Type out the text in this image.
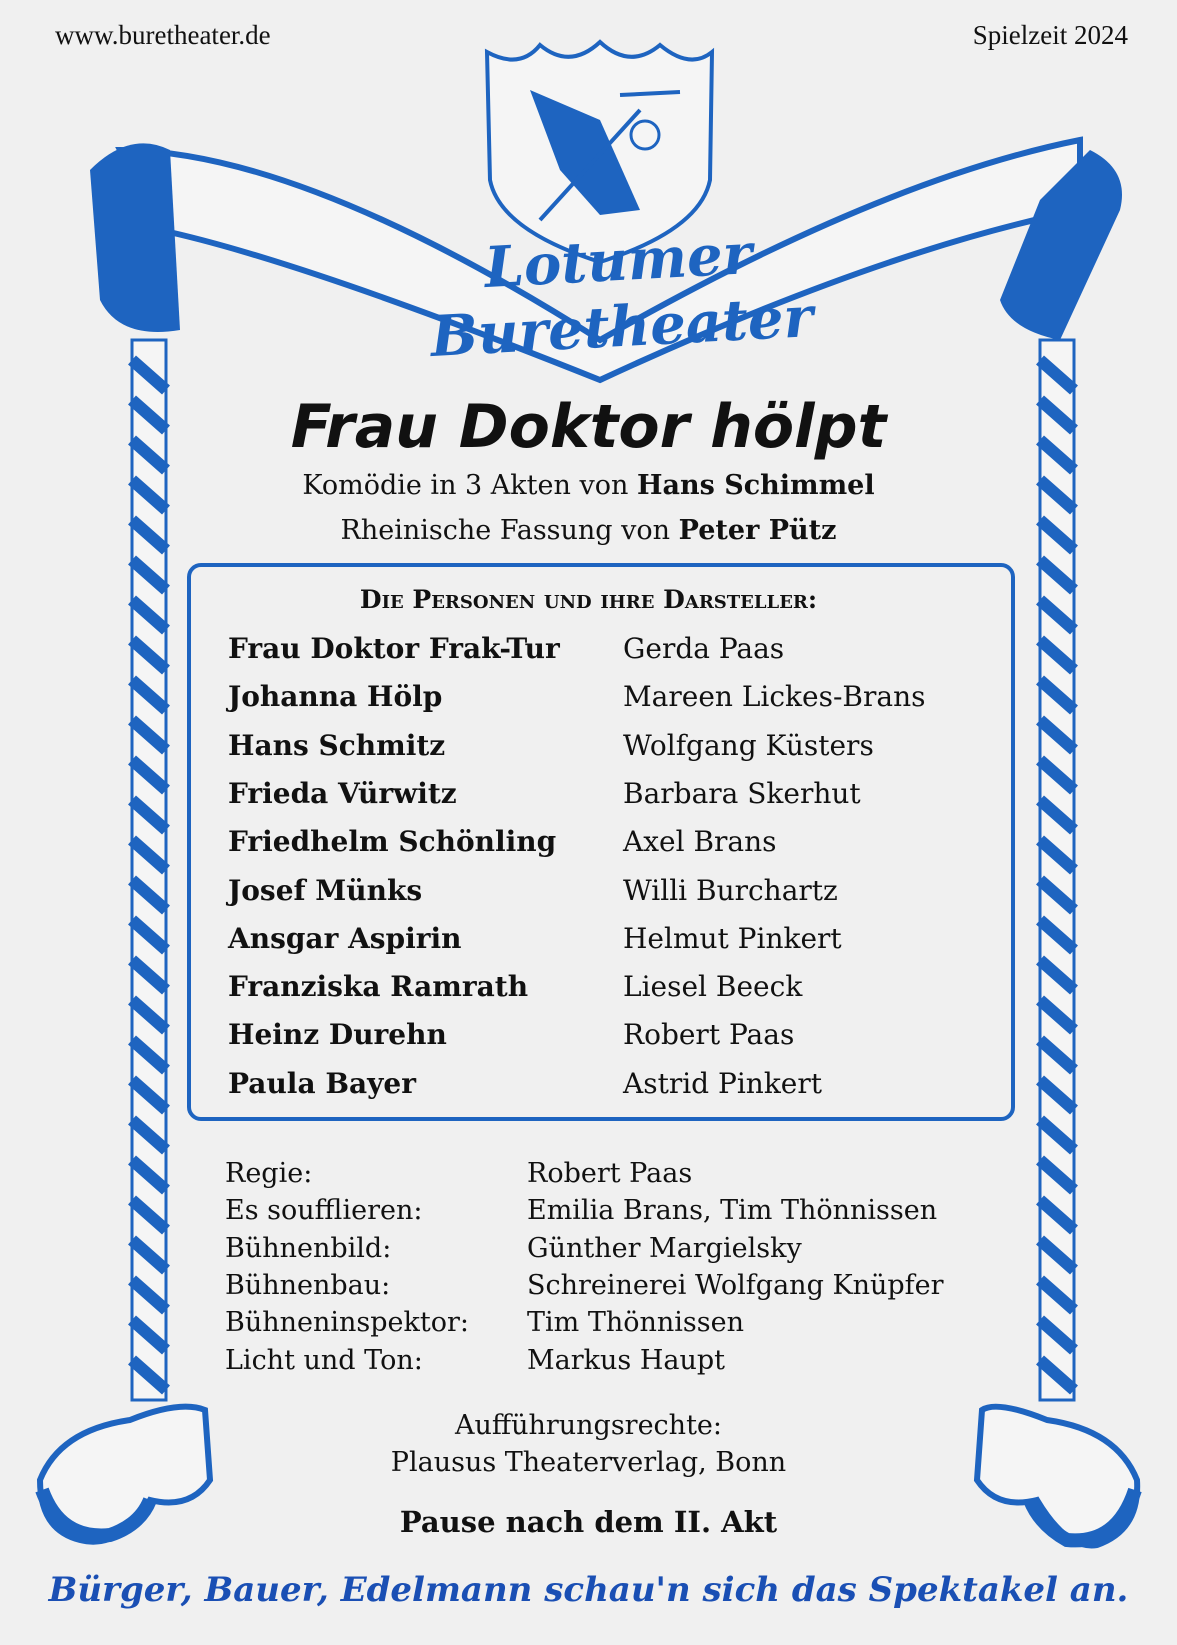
www.buretheater.de	Spielzeit 2024
Lotumer Buretheater
Frau Doktor hölpt
Komödie in 3 Akten von Hans Schimmel
Rheinische Fassung von Peter Pütz
Die Personen und ihre Darsteller:
Frau Doktor Frak-Tur	Gerda Paas
Johanna Hölp	Mareen Lickes-Brans
Hans Schmitz	Wolfgang Küsters
Frieda Vürwitz	Barbara Skerhut
Friedhelm Schönling	Axel Brans
Josef Münks	Willi Burchartz
Ansgar Aspirin	Helmut Pinkert
Franziska Ramrath	Liesel Beeck
Heinz Durehn	Robert Paas
Paula Bayer	Astrid Pinkert
Regie:	Robert Paas
Es soufflieren:	Emilia Brans, Tim Thönnissen
Bühnenbild:	Günther Margielsky
Bühnenbau:	Schreinerei Wolfgang Knüpfer
Bühneninspektor:	Tim Thönnissen
Licht und Ton:	Markus Haupt
Aufführungsrechte:
Plausus Theaterverlag, Bonn
Pause nach dem II. Akt
Bürger, Bauer, Edelmann schau'n sich das Spektakel an.
